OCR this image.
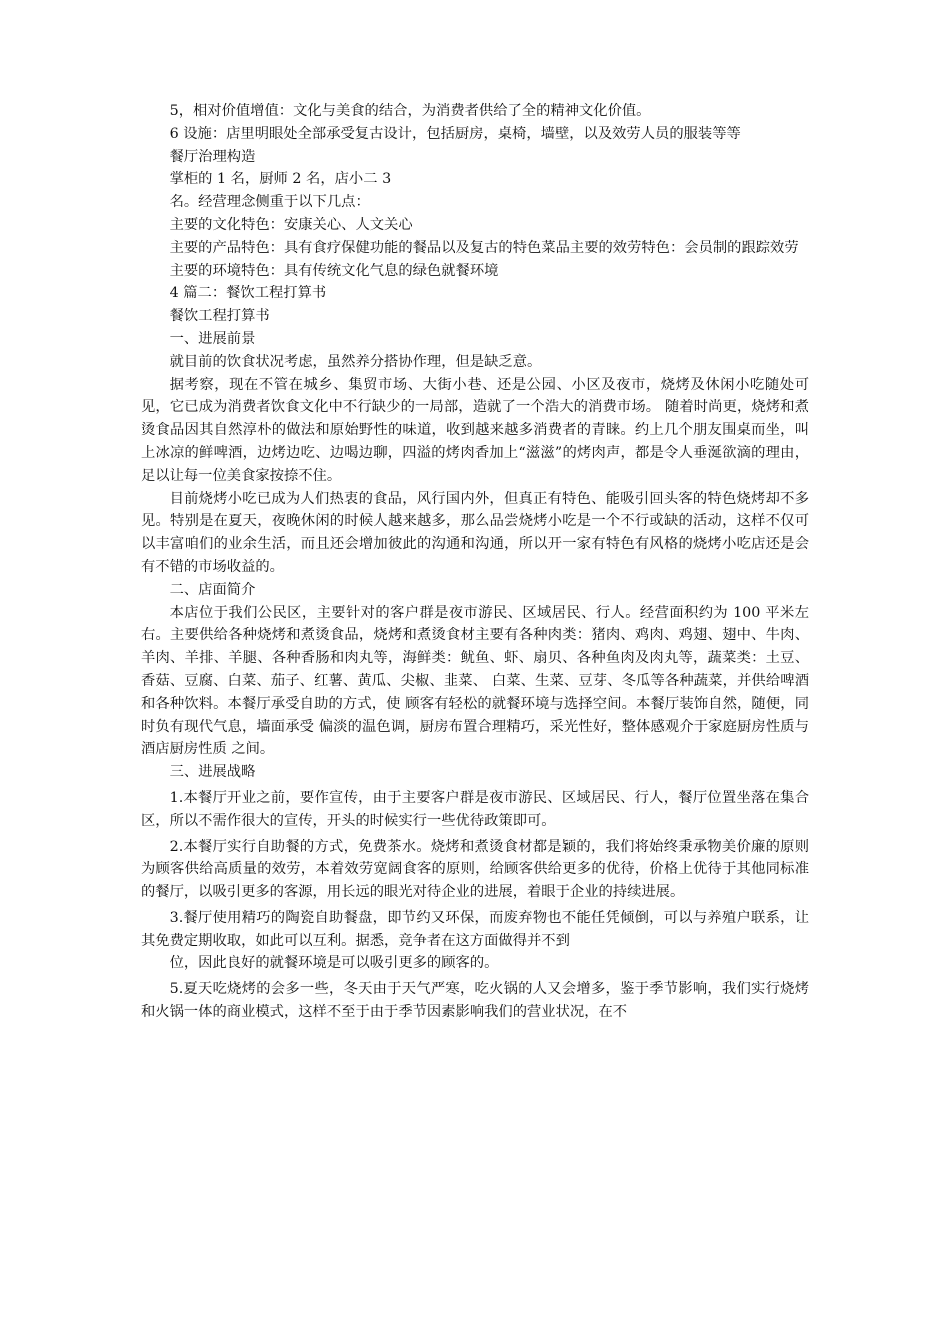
5，相对价值增值：文化与美食的结合，为消费者供给了全的精神文化价值。

6 设施：店里明眼处全部承受复古设计，包括厨房，桌椅，墙壁，以及效劳人员的服装等等

餐厅治理构造

掌柜的 1 名，厨师 2 名，店小二 3

名。经营理念侧重于以下几点：

主要的文化特色：安康关心、人文关心

主要的产品特色：具有食疗保健功能的餐品以及复古的特色菜品主要的效劳特色：会员制的跟踪效劳

主要的环境特色：具有传统文化气息的绿色就餐环境

4 篇二：餐饮工程打算书

餐饮工程打算书

一、进展前景

就目前的饮食状况考虑，虽然养分搭协作理，但是缺乏意。

据考察，现在不管在城乡、集贸市场、大街小巷、还是公园、小区及夜市，烧烤及休闲小吃随处可见，它已成为消费者饮食文化中不行缺少的一局部，造就了一个浩大的消费市场。 随着时尚更，烧烤和煮烫食品因其自然淳朴的做法和原始野性的味道，收到越来越多消费者的青睐。约上几个朋友围桌而坐，叫上冰凉的鲜啤酒，边烤边吃、边喝边聊，四溢的烤肉香加上“滋滋”的烤肉声，都是令人垂涎欲滴的理由，足以让每一位美食家按捺不住。

目前烧烤小吃已成为人们热衷的食品，风行国内外，但真正有特色、能吸引回头客的特色烧烤却不多见。特别是在夏天，夜晚休闲的时候人越来越多，那么品尝烧烤小吃是一个不行或缺的活动，这样不仅可以丰富咱们的业余生活，而且还会增加彼此的沟通和沟通，所以开一家有特色有风格的烧烤小吃店还是会有不错的市场收益的。

二、店面简介

本店位于我们公民区，主要针对的客户群是夜市游民、区域居民、行人。经营面积约为 100 平米左右。主要供给各种烧烤和煮烫食品，烧烤和煮烫食材主要有各种肉类：猪肉、鸡肉、鸡翅、翅中、牛肉、羊肉、羊排、羊腿、各种香肠和肉丸等，海鲜类：鱿鱼、虾、扇贝、各种鱼肉及肉丸等，蔬菜类：土豆、香菇、豆腐、白菜、茄子、红薯、黄瓜、尖椒、韭菜、 白菜、生菜、豆芽、冬瓜等各种蔬菜，并供给啤酒和各种饮料。本餐厅承受自助的方式，使 顾客有轻松的就餐环境与选择空间。本餐厅装饰自然，随便，同时负有现代气息，墙面承受 偏淡的温色调，厨房布置合理精巧，采光性好，整体感观介于家庭厨房性质与酒店厨房性质 之间。

三、进展战略

1.本餐厅开业之前，要作宣传，由于主要客户群是夜市游民、区域居民、行人，餐厅位置坐落在集合区，所以不需作很大的宣传，开头的时候实行一些优待政策即可。

2.本餐厅实行自助餐的方式，免费茶水。烧烤和煮烫食材都是颖的，我们将始终秉承物美价廉的原则为顾客供给高质量的效劳，本着效劳宽阔食客的原则，给顾客供给更多的优待，价格上优待于其他同标准的餐厅，以吸引更多的客源，用长远的眼光对待企业的进展，着眼于企业的持续进展。

3.餐厅使用精巧的陶瓷自助餐盘，即节约又环保，而废弃物也不能任凭倾倒，可以与养殖户联系，让其免费定期收取，如此可以互利。据悉，竞争者在这方面做得并不到

位，因此良好的就餐环境是可以吸引更多的顾客的。

5.夏天吃烧烤的会多一些，冬天由于天气严寒，吃火锅的人又会增多，鉴于季节影响，我们实行烧烤和火锅一体的商业模式，这样不至于由于季节因素影响我们的营业状况，在不
